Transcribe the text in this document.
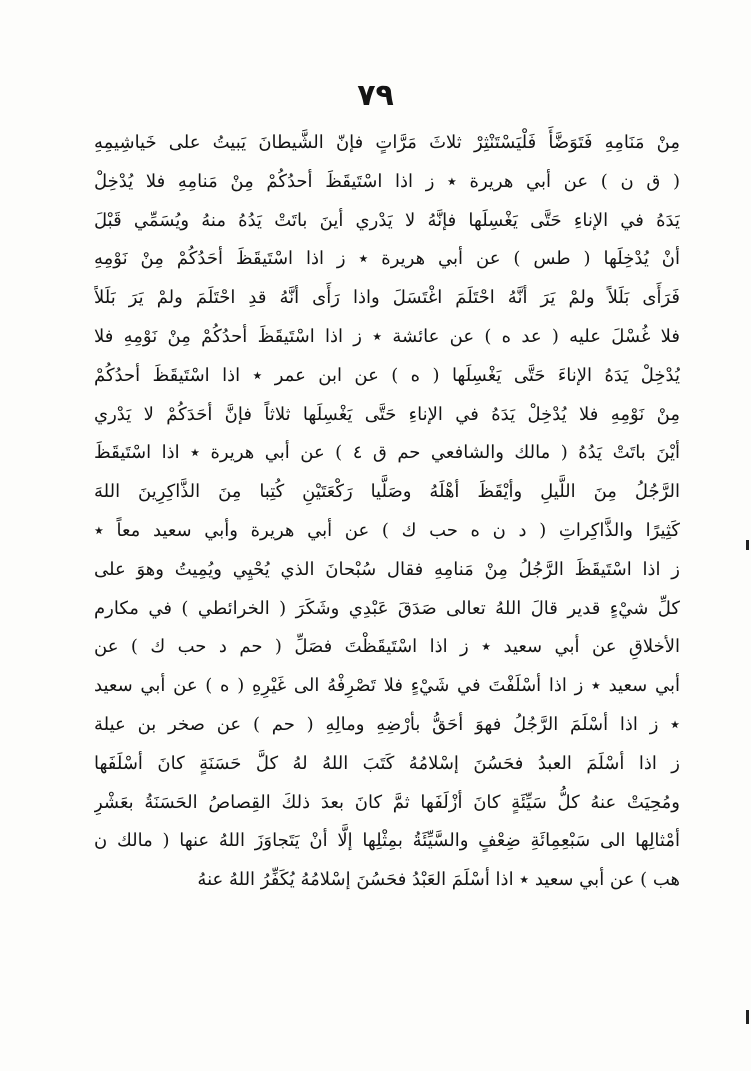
٧٩
مِنْ مَنَامِهِ فَتَوَضَّأَ فَلْيَسْتَنْثِرْ ثلاثَ مَرَّاتٍ فإنّ الشَّيطانَ يَبيتُ على خَياشِيمِهِ
( ق ن ) عن أبي هريرة ٭ ز اذا اسْتَيقَظَ أحدُكُمْ مِنْ مَنامِهِ فلا يُدْخِلْ
يَدَهُ في الإناءِ حَتَّى يَغْسِلَها فإنَّهُ لا يَدْري أينَ باتَتْ يَدُهُ منهُ ويُسَمِّي قَبْلَ
أنْ يُدْخِلَها ( طس ) عن أبي هريرة ٭ ز اذا اسْتَيقَظَ أحَدُكُمْ مِنْ نَوْمِهِ
فَرَأَى بَلَلاً ولمْ يَرَ أنَّهُ احْتَلَمَ اغْتَسَلَ واذا رَأَى أنَّهُ قدِ احْتَلَمَ ولمْ يَرَ بَلَلاً
فلا غُسْلَ عليه ( عد ه ) عن عائشة ٭ ز اذا اسْتَيقَظَ أحدُكُمْ مِنْ نَوْمِهِ فلا
يُدْخِلْ يَدَهُ الإناءَ حَتَّى يَغْسِلَها ( ه ) عن ابن عمر ٭ اذا اسْتَيقَظَ أحدُكُمْ
مِنْ نَوْمِهِ فلا يُدْخِلْ يَدَهُ في الإناءِ حَتَّى يَغْسِلَها ثلاثاً فإنَّ أحَدَكُمْ لا يَدْري
أيْنَ باتَتْ يَدُهُ ( مالك والشافعي حم ق ٤ ) عن أبي هريرة ٭ اذا اسْتَيقَظَ
الرَّجُلُ مِنَ اللَّيلِ وأيْقَظَ أهْلَهُ وصَلَّيا رَكْعَتَيْنِ كُتِبا مِنَ الذَّاكِرِينَ اللهَ
كَثِيرًا والذَّاكِراتِ ( د ن ه حب ك ) عن أبي هريرة وأبي سعيد معاً ٭
ز اذا اسْتَيقَظَ الرَّجُلُ مِنْ مَنامِهِ فقال سُبْحانَ الذي يُحْيِي ويُمِيتُ وهوَ على
كلِّ شيْءٍ قدير قالَ اللهُ تعالى صَدَقَ عَبْدِي وشَكَرَ ( الخرائطي ) في مكارم
الأخلاقِ عن أبي سعيد ٭ ز اذا اسْتَيقَظْتَ فصَلِّ ( حم د حب ك ) عن
أبي سعيد ٭ ز اذا أسْلَفْتَ في شَيْءٍ فلا تَصْرِفْهُ الى غَيْرِهِ ( ه ) عن أبي سعيد
٭ ز اذا أسْلَمَ الرَّجُلُ فهوَ أحَقُّ بأرْضِهِ ومالِهِ ( حم ) عن صخر بن عيلة
ز اذا أسْلَمَ العبدُ فحَسُنَ إسْلامُهُ كَتَبَ اللهُ لهُ كلَّ حَسَنَةٍ كانَ أسْلَفَها
ومُحِيَتْ عنهُ كلُّ سَيِّئَةٍ كانَ أزْلَفَها ثمَّ كانَ بعدَ ذلكَ القِصاصُ الحَسَنَةُ بعَشْرِ
أمْثالِها الى سَبْعِمِائَةِ ضِعْفٍ والسَّيِّئَةُ بمِثْلِها إلَّا أنْ يَتَجاوَزَ اللهُ عنها ( مالك ن
هب ) عن أبي سعيد ٭ اذا أسْلَمَ العَبْدُ فحَسُنَ إسْلامُهُ يُكَفِّرُ اللهُ عنهُ
